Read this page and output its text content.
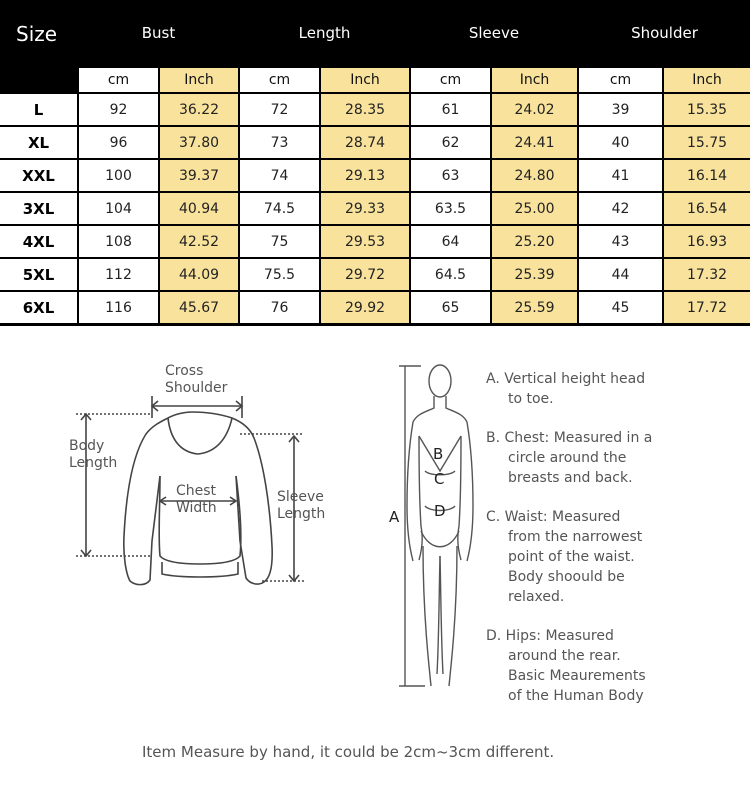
Size	Bust		Length		Sleeve		Shoulder	
	cm	Inch	cm	Inch	cm	Inch	cm	Inch
L	92	36.22	72	28.35	61	24.02	39	15.35
XL	96	37.80	73	28.74	62	24.41	40	15.75
XXL	100	39.37	74	29.13	63	24.80	41	16.14
3XL	104	40.94	74.5	29.33	63.5	25.00	42	16.54
4XL	108	42.52	75	29.53	64	25.20	43	16.93
5XL	112	44.09	75.5	29.72	64.5	25.39	44	17.32
6XL	116	45.67	76	29.92	65	25.59	45	17.72
Cross
Shoulder
Body
Length
Chest
Width
Sleeve
Length
B
C
D
A

A. Vertical height head
to toe.

B. Chest: Measured in a
circle around the
breasts and back.

C. Waist: Measured
from the narrowest
point of the waist.
Body shoould be
relaxed.

D. Hips: Measured
around the rear.
Basic Meaurements
of the Human Body

Item Measure by hand, it could be 2cm~3cm different.
